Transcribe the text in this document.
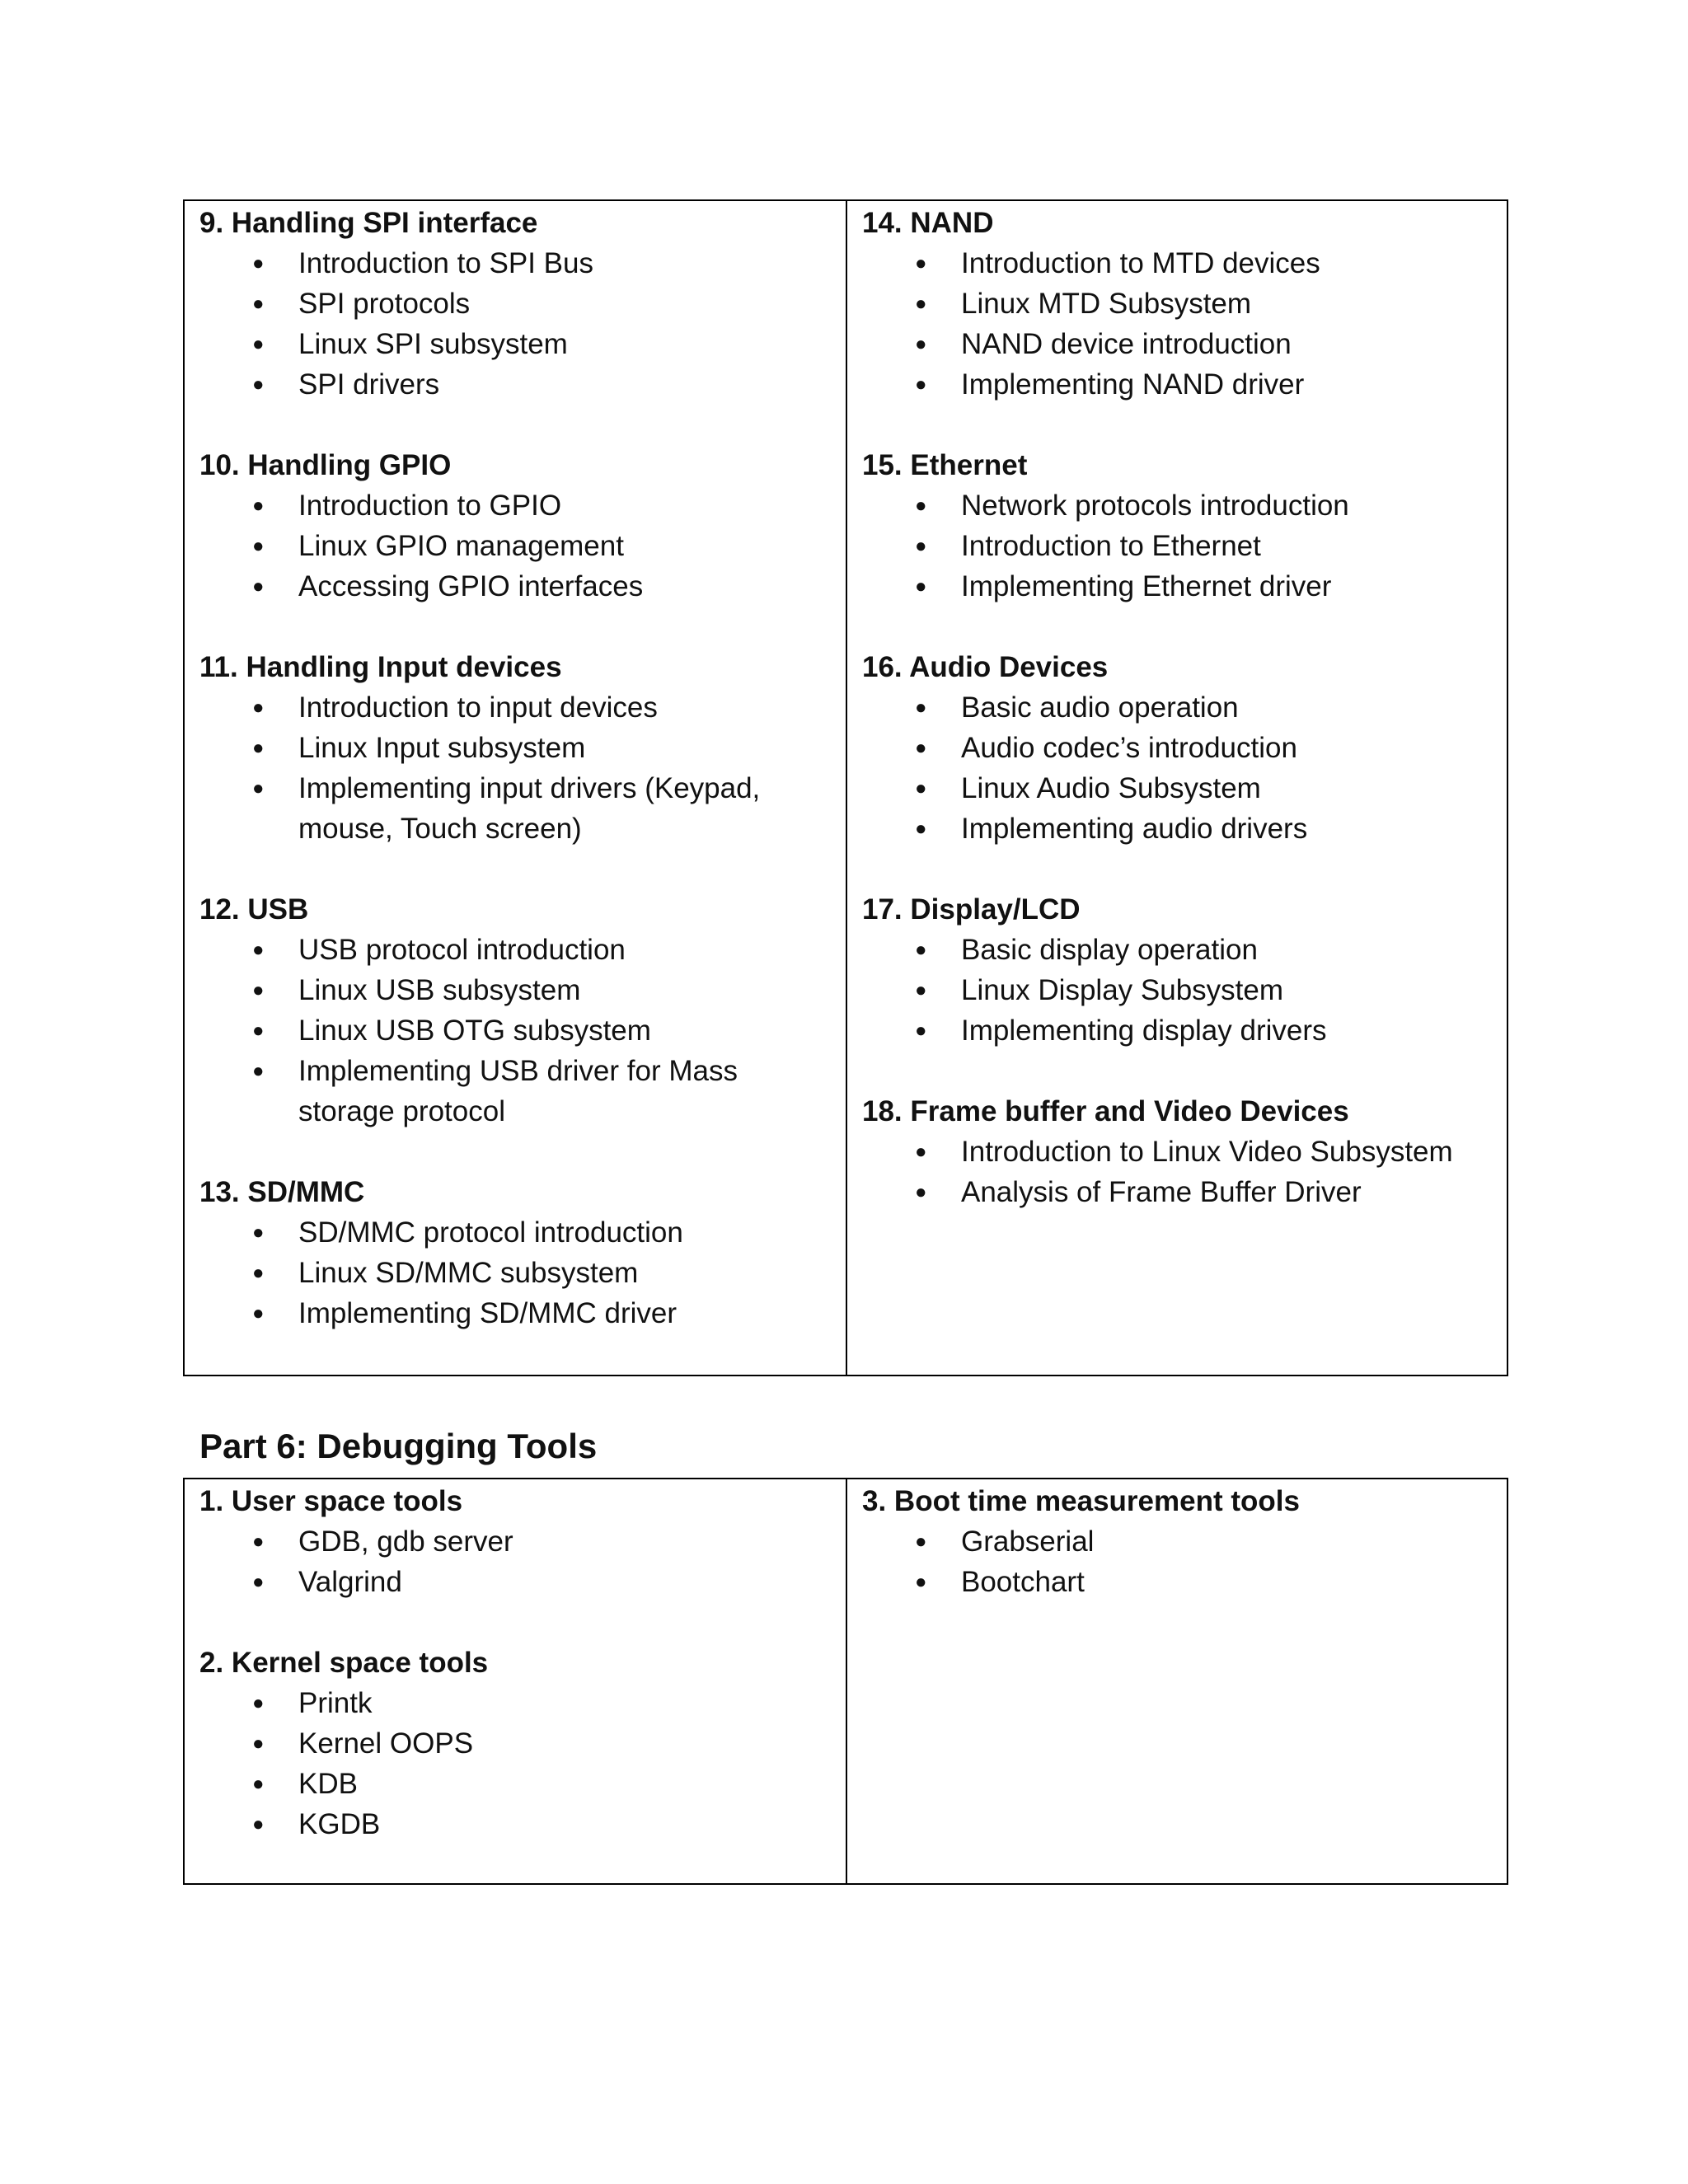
9. Handling SPI interface

● Introduction to SPI Bus
● SPI protocols
● Linux SPI subsystem
● SPI drivers

10. Handling GPIO

● Introduction to GPIO
● Linux GPIO management
● Accessing GPIO interfaces

11. Handling Input devices

● Introduction to input devices
● Linux Input subsystem
● Implementing input drivers (Keypad, mouse, Touch screen)

12. USB

● USB protocol introduction
● Linux USB subsystem
● Linux USB OTG subsystem
● Implementing USB driver for Mass storage protocol

13. SD/MMC

● SD/MMC protocol introduction
● Linux SD/MMC subsystem
● Implementing SD/MMC driver

14. NAND

● Introduction to MTD devices
● Linux MTD Subsystem
● NAND device introduction
● Implementing NAND driver

15. Ethernet

● Network protocols introduction
● Introduction to Ethernet
● Implementing Ethernet driver

16. Audio Devices

● Basic audio operation
● Audio codec’s introduction
● Linux Audio Subsystem
● Implementing audio drivers

17. Display/LCD

● Basic display operation
● Linux Display Subsystem
● Implementing display drivers

18. Frame buffer and Video Devices

● Introduction to Linux Video Subsystem
● Analysis of Frame Buffer Driver
Part 6: Debugging Tools

1. User space tools

● GDB, gdb server
● Valgrind

2. Kernel space tools

● Printk
● Kernel OOPS
● KDB
● KGDB

3. Boot time measurement tools

● Grabserial
● Bootchart
